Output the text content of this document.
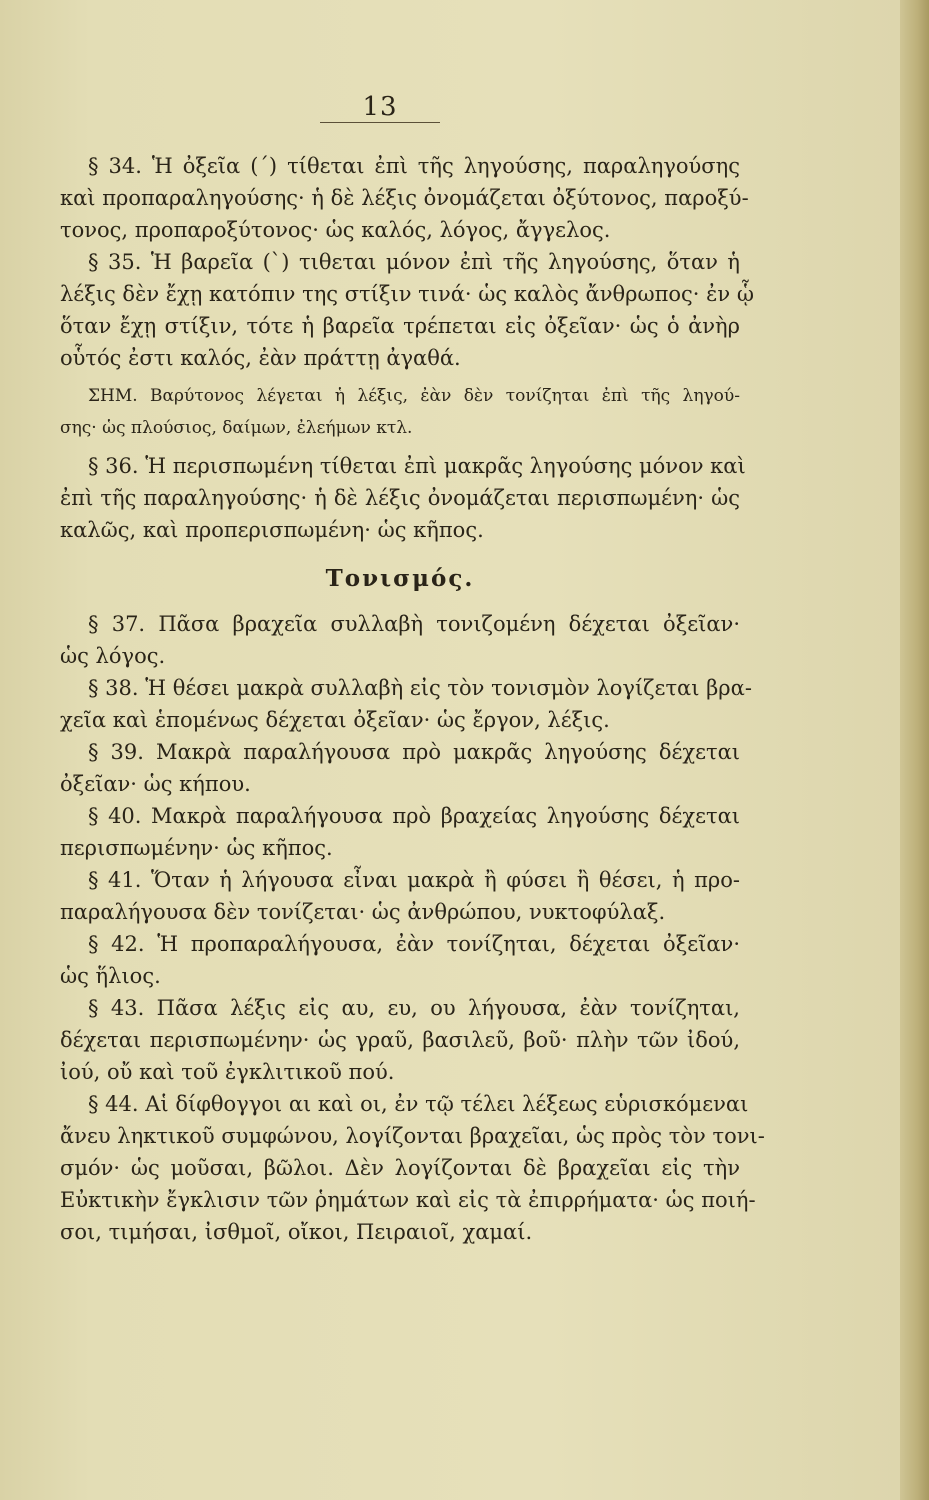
13
§ 34. Ἡ ὀξεῖα (΄) τίθεται ἐπὶ τῆς ληγούσης, παραληγούσης
καὶ προπαραληγούσης· ἡ δὲ λέξις ὀνομάζεται ὀξύτονος, παροξύ-
τονος, προπαροξύτονος· ὡς καλός, λόγος, ἄγγελος.
§ 35. Ἡ βαρεῖα (`) τιθεται μόνον ἐπὶ τῆς ληγούσης, ὅταν ἡ
λέξις δὲν ἔχῃ κατόπιν της στίξιν τινά· ὡς καλὸς ἄνθρωπος· ἐν ᾧ
ὅταν ἔχῃ στίξιν, τότε ἡ βαρεῖα τρέπεται εἰς ὀξεῖαν· ὡς ὁ ἀνὴρ
οὗτός ἐστι καλός, ἐὰν πράττῃ ἀγαθά.
ΣΗΜ. Βαρύτονος λέγεται ἡ λέξις, ἐὰν δὲν τονίζηται ἐπὶ τῆς ληγού-
σης· ὡς πλούσιος, δαίμων, ἐλεήμων κτλ.
§ 36. Ἡ περισπωμένη τίθεται ἐπὶ μακρᾶς ληγούσης μόνον καὶ
ἐπὶ τῆς παραληγούσης· ἡ δὲ λέξις ὀνομάζεται περισπωμένη· ὡς
καλῶς, καὶ προπερισπωμένη· ὡς κῆπος.
Τονισμός.
§ 37. Πᾶσα βραχεῖα συλλαβὴ τονιζομένη δέχεται ὀξεῖαν·
ὡς λόγος.
§ 38. Ἡ θέσει μακρὰ συλλαβὴ εἰς τὸν τονισμὸν λογίζεται βρα-
χεῖα καὶ ἑπομένως δέχεται ὀξεῖαν· ὡς ἔργον, λέξις.
§ 39. Μακρὰ παραλήγουσα πρὸ μακρᾶς ληγούσης δέχεται
ὀξεῖαν· ὡς κήπου.
§ 40. Μακρὰ παραλήγουσα πρὸ βραχείας ληγούσης δέχεται
περισπωμένην· ὡς κῆπος.
§ 41. Ὅταν ἡ λήγουσα εἶναι μακρὰ ἢ φύσει ἢ θέσει, ἡ προ-
παραλήγουσα δὲν τονίζεται· ὡς ἀνθρώπου, νυκτοφύλαξ.
§ 42. Ἡ προπαραλήγουσα, ἐὰν τονίζηται, δέχεται ὀξεῖαν·
ὡς ἥλιος.
§ 43. Πᾶσα λέξις εἰς αυ, ευ, ου λήγουσα, ἐὰν τονίζηται,
δέχεται περισπωμένην· ὡς γραῦ, βασιλεῦ, βοῦ· πλὴν τῶν ἰδού,
ἰού, οὔ καὶ τοῦ ἐγκλιτικοῦ πού.
§ 44. Αἱ δίφθογγοι αι καὶ οι, ἐν τῷ τέλει λέξεως εὑρισκόμεναι
ἄνευ ληκτικοῦ συμφώνου, λογίζονται βραχεῖαι, ὡς πρὸς τὸν τονι-
σμόν· ὡς μοῦσαι, βῶλοι. Δὲν λογίζονται δὲ βραχεῖαι εἰς τὴν
Εὐκτικὴν ἔγκλισιν τῶν ῥημάτων καὶ εἰς τὰ ἐπιρρήματα· ὡς ποιή-
σοι, τιμήσαι, ἰσθμοῖ, οἴκοι, Πειραιοῖ, χαμαί.
